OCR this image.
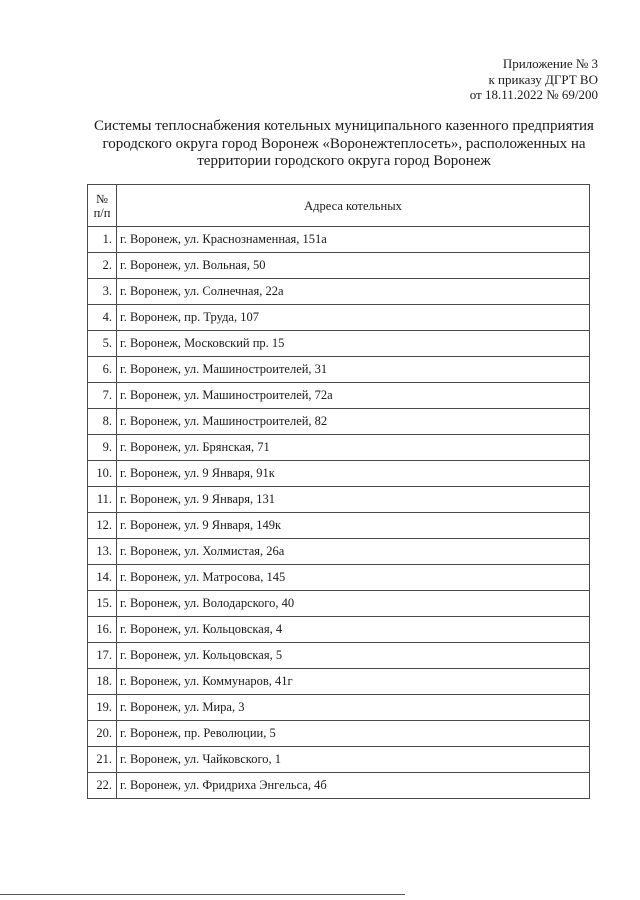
Приложение № 3
к приказу ДГРТ ВО
от 18.11.2022 № 69/200
Системы теплоснабжения котельных муниципального казенного предприятия
городского округа город Воронеж «Воронежтеплосеть», расположенных на
территории городского округа город Воронеж
№
п/п	Адреса котельных
1.	г. Воронеж, ул. Краснознаменная, 151а
2.	г. Воронеж, ул. Вольная, 50
3.	г. Воронеж, ул. Солнечная, 22а
4.	г. Воронеж, пр. Труда, 107
5.	г. Воронеж, Московский пр. 15
6.	г. Воронеж, ул. Машиностроителей, 31
7.	г. Воронеж, ул. Машиностроителей, 72а
8.	г. Воронеж, ул. Машиностроителей, 82
9.	г. Воронеж, ул. Брянская, 71
10.	г. Воронеж, ул. 9 Января, 91к
11.	г. Воронеж, ул. 9 Января, 131
12.	г. Воронеж, ул. 9 Января, 149к
13.	г. Воронеж, ул. Холмистая, 26а
14.	г. Воронеж, ул. Матросова, 145
15.	г. Воронеж, ул. Володарского, 40
16.	г. Воронеж, ул. Кольцовская, 4
17.	г. Воронеж, ул. Кольцовская, 5
18.	г. Воронеж, ул. Коммунаров, 41г
19.	г. Воронеж, ул. Мира, 3
20.	г. Воронеж, пр. Революции, 5
21.	г. Воронеж, ул. Чайковского, 1
22.	г. Воронеж, ул. Фридриха Энгельса, 4б
